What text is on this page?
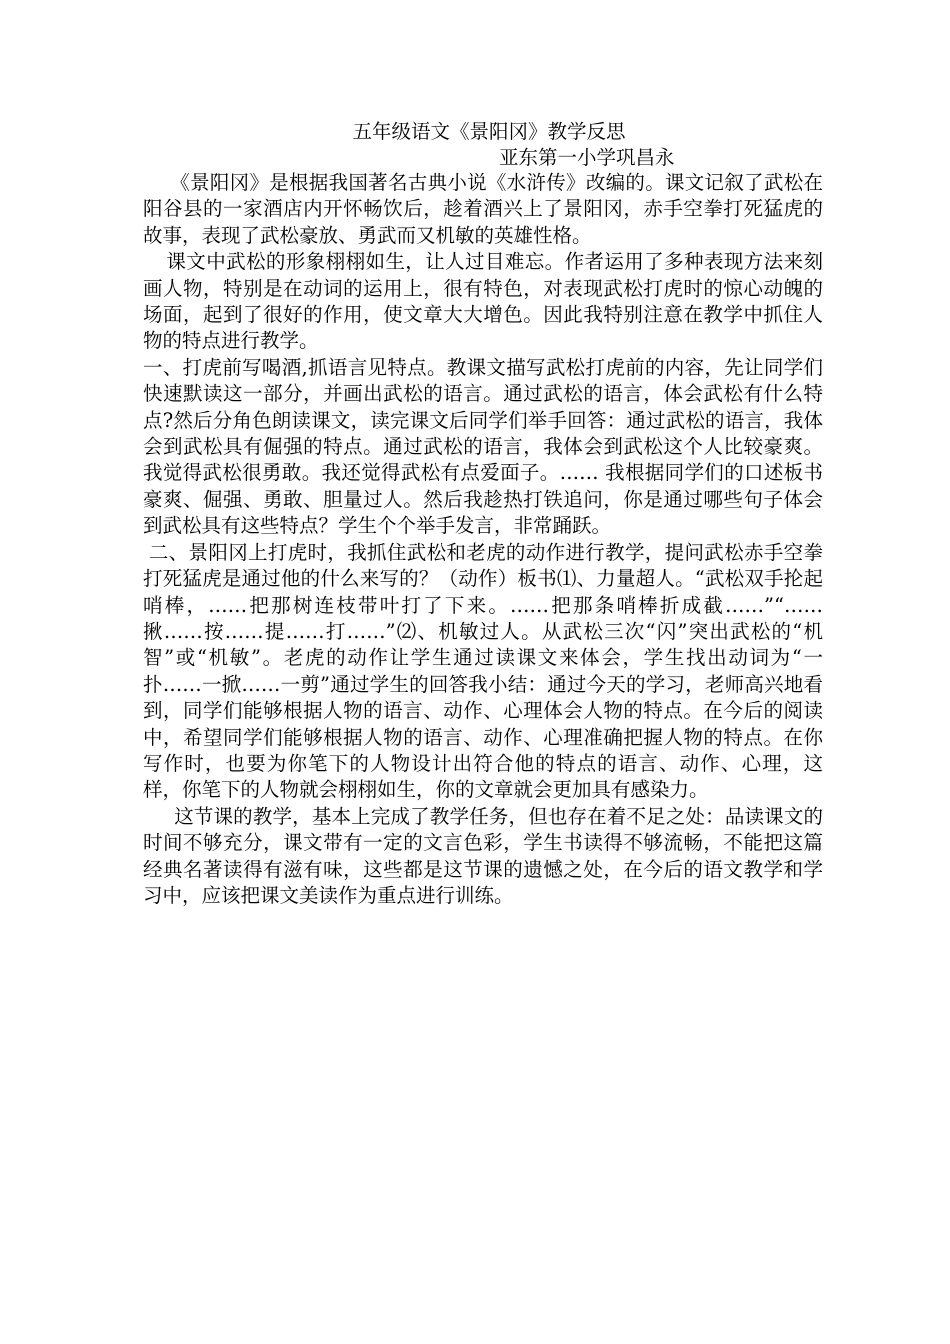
五年级语文《景阳冈》教学反思

亚东第一小学巩昌永

《景阳冈》是根据我国著名古典小说《水浒传》改编的。课文记叙了武松在阳谷县的一家酒店内开怀畅饮后，趁着酒兴上了景阳冈，赤手空拳打死猛虎的故事，表现了武松豪放、勇武而又机敏的英雄性格。

课文中武松的形象栩栩如生，让人过目难忘。作者运用了多种表现方法来刻画人物，特别是在动词的运用上，很有特色，对表现武松打虎时的惊心动魄的场面，起到了很好的作用，使文章大大增色。因此我特别注意在教学中抓住人物的特点进行教学。

一、打虎前写喝酒,抓语言见特点。教课文描写武松打虎前的内容，先让同学们快速默读这一部分，并画出武松的语言。通过武松的语言，体会武松有什么特点?然后分角色朗读课文，读完课文后同学们举手回答：通过武松的语言，我体会到武松具有倔强的特点。通过武松的语言，我体会到武松这个人比较豪爽。我觉得武松很勇敢。我还觉得武松有点爱面子。…… 我根据同学们的口述板书豪爽、倔强、勇敢、胆量过人。然后我趁热打铁追问，你是通过哪些句子体会到武松具有这些特点？学生个个举手发言，非常踊跃。

二、景阳冈上打虎时，我抓住武松和老虎的动作进行教学，提问武松赤手空拳打死猛虎是通过他的什么来写的？（动作）板书⑴、力量超人。“武松双手抡起哨棒，……把那树连枝带叶打了下来。……把那条哨棒折成截……”“……揪……按……提……打……”⑵、机敏过人。从武松三次“闪”突出武松的“机智”或“机敏”。老虎的动作让学生通过读课文来体会，学生找出动词为“一扑……一掀……一剪”通过学生的回答我小结：通过今天的学习，老师高兴地看到，同学们能够根据人物的语言、动作、心理体会人物的特点。在今后的阅读中，希望同学们能够根据人物的语言、动作、心理准确把握人物的特点。在你写作时，也要为你笔下的人物设计出符合他的特点的语言、动作、心理，这样，你笔下的人物就会栩栩如生，你的文章就会更加具有感染力。

这节课的教学，基本上完成了教学任务，但也存在着不足之处：品读课文的时间不够充分，课文带有一定的文言色彩，学生书读得不够流畅，不能把这篇经典名著读得有滋有味，这些都是这节课的遗憾之处，在今后的语文教学和学习中，应该把课文美读作为重点进行训练。
